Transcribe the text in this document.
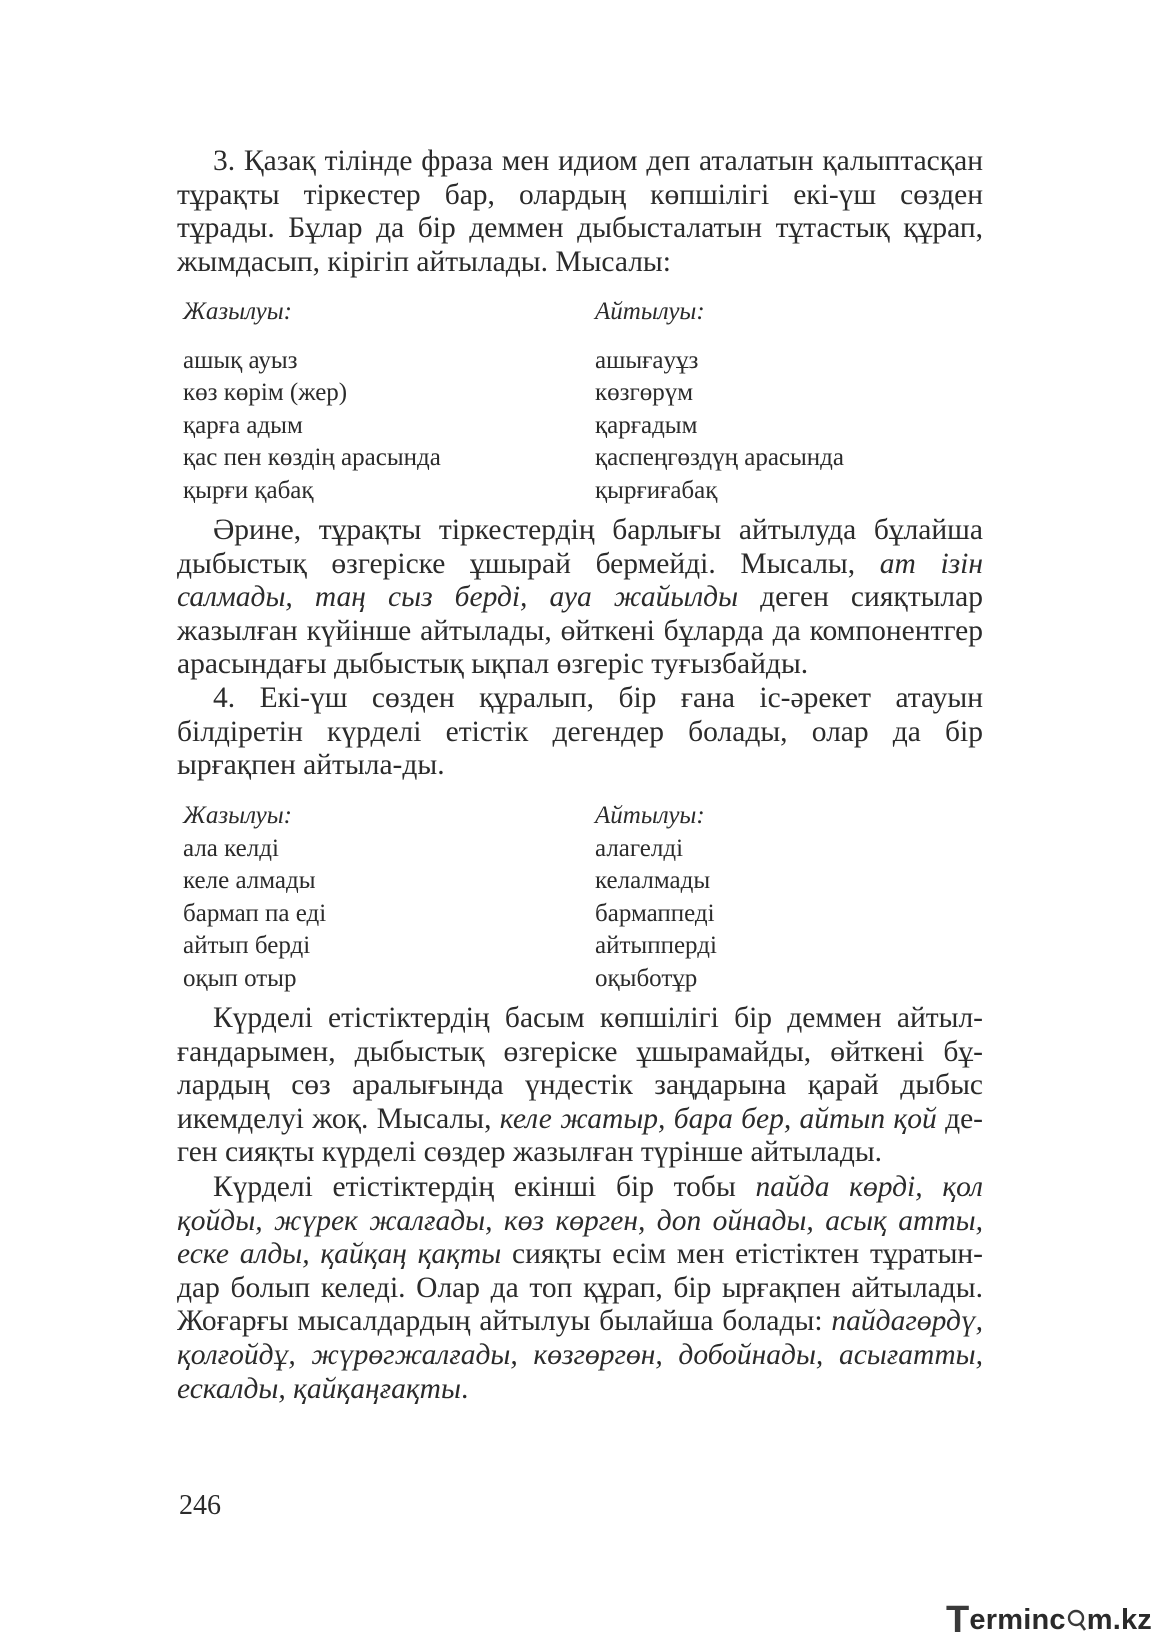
3. Қазақ тілінде фраза мен идиом деп аталатын қалыптасқан тұрақты тіркестер бар, олардың көпшілігі екі-үш сөзден тұрады. Бұлар да бір деммен дыбысталатын тұтастық құрап, жымдасып, кірігіп айтылады. Мысалы:

Жазылуы:	Айтылуы:
ашық ауыз	ашығаyұз
көз көрім (жер)	көзгөрүм
қарға адым	қарғадым
қас пен көздің арасында	қаспеңгөздүң арасында
қырғи қабақ	қырғиғабақ

Әрине, тұрақты тіркестердің барлығы айтылуда бұлайша дыбыстық өзгеріске ұшырай бермейді. Мысалы, ат ізін салмады, таң сыз берді, ауа жайылды деген сияқтылар жазылған күйінше айтылады, өйткені бұларда да компонентгер арасындағы дыбыстық ықпал өзгеріс туғызбайды.

4. Екі-үш сөзден құралып, бір ғана іс-әрекет атауын білдіретін күрделі етістік дегендер болады, олар да бір ырғақпен айтыла-ды.

Жазылуы:	Айтылуы:
ала келді	алагелді
келе алмады	келалмады
бармап па еді	бармаппеді
айтып берді	айтыпперді
оқып отыр	оқыботұр

Күрделі етістіктердің басым көпшілігі бір деммен айтыл-ғандарымен, дыбыстық өзгеріске ұшырамайды, өйткені бұ-лардың сөз аралығында үндестік заңдарына қарай дыбыс икемделуі жоқ. Мысалы, келе жатыр, бара бер, айтып қой де-ген сияқты күрделі сөздер жазылған түрінше айтылады.

Күрделі етістіктердің екінші бір тобы пайда көрді, қол қойды, жүрек жалғады, көз көрген, доп ойнады, асық атты, еске алды, қайқаң қақты сияқты есім мен етістіктен тұратын-дар болып келеді. Олар да топ құрап, бір ырғақпен айтылады. Жоғарғы мысалдардың айтылуы былайша болады: пайдагөрдү, қолғойдұ, жүрөгжалғады, көзгөргөн, добойнады, асығатты, ескалды, қайқаңғақты.

246
T erminc m.kz
